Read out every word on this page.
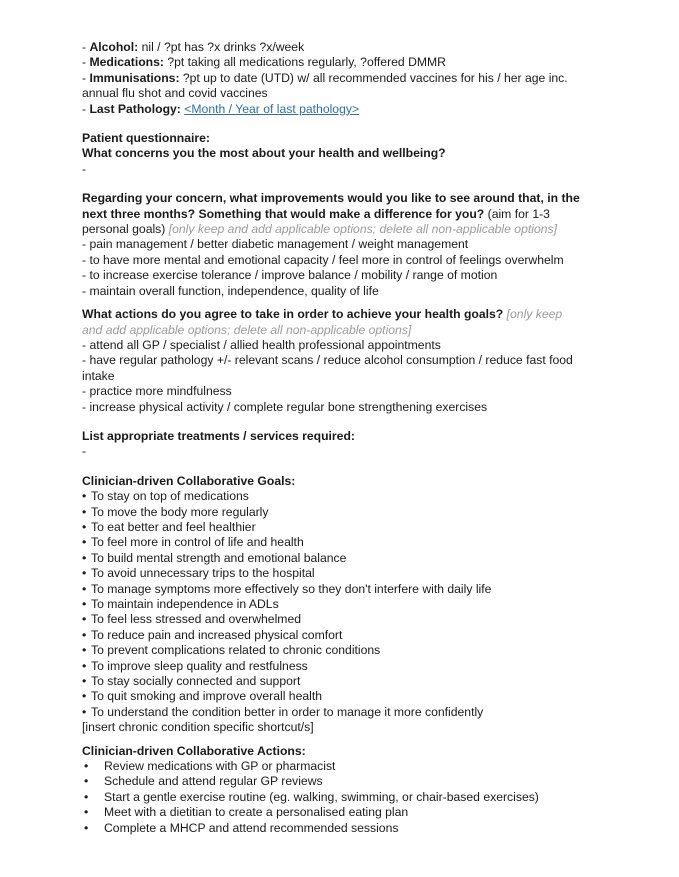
- Alcohol: nil / ?pt has ?x drinks ?x/week
- Medications: ?pt taking all medications regularly, ?offered DMMR
- Immunisations: ?pt up to date (UTD) w/ all recommended vaccines for his / her age inc.
annual flu shot and covid vaccines
- Last Pathology: <Month / Year of last pathology>
Patient questionnaire:
What concerns you the most about your health and wellbeing?
-
Regarding your concern, what improvements would you like to see around that, in the
next three months? Something that would make a difference for you? (aim for 1-3
personal goals) [only keep and add applicable options; delete all non-applicable options]
- pain management / better diabetic management / weight management
- to have more mental and emotional capacity / feel more in control of feelings overwhelm
- to increase exercise tolerance / improve balance / mobility / range of motion
- maintain overall function, independence, quality of life
What actions do you agree to take in order to achieve your health goals? [only keep
and add applicable options; delete all non-applicable options]
- attend all GP / specialist / allied health professional appointments
- have regular pathology +/- relevant scans / reduce alcohol consumption / reduce fast food
intake
- practice more mindfulness
- increase physical activity / complete regular bone strengthening exercises
List appropriate treatments / services required:
-
Clinician-driven Collaborative Goals:
• To stay on top of medications
• To move the body more regularly
• To eat better and feel healthier
• To feel more in control of life and health
• To build mental strength and emotional balance
• To avoid unnecessary trips to the hospital
• To manage symptoms more effectively so they don't interfere with daily life
• To maintain independence in ADLs
• To feel less stressed and overwhelmed
• To reduce pain and increased physical comfort
• To prevent complications related to chronic conditions
• To improve sleep quality and restfulness
• To stay socially connected and support
• To quit smoking and improve overall health
• To understand the condition better in order to manage it more confidently
[insert chronic condition specific shortcut/s]
Clinician-driven Collaborative Actions:
•	Review medications with GP or pharmacist
•	Schedule and attend regular GP reviews
•	Start a gentle exercise routine (eg. walking, swimming, or chair-based exercises)
•	Meet with a dietitian to create a personalised eating plan
•	Complete a MHCP and attend recommended sessions
